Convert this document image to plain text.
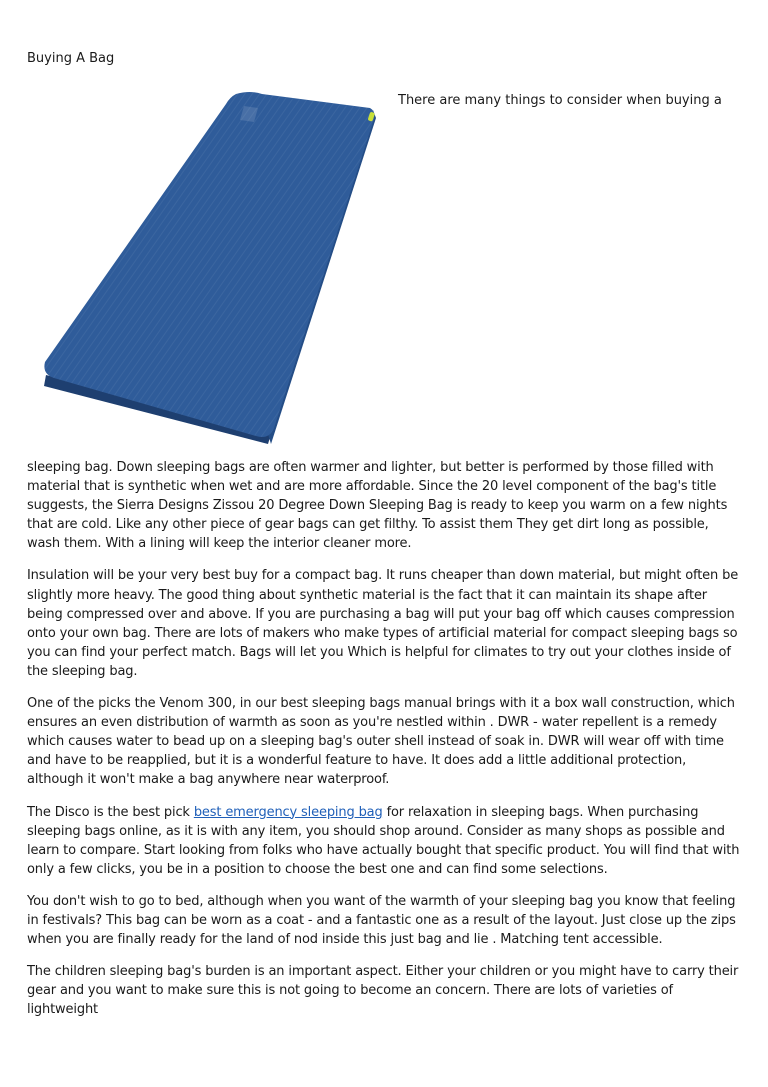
Buying A Bag
There are many things to consider when buying a

sleeping bag. Down sleeping bags are often warmer and lighter, but better is performed by those filled with material that is synthetic when wet and are more affordable. Since the 20 level component of the bag's title suggests, the Sierra Designs Zissou 20 Degree Down Sleeping Bag is ready to keep you warm on a few nights that are cold. Like any other piece of gear bags can get filthy. To assist them They get dirt long as possible, wash them. With a lining will keep the interior cleaner more.

Insulation will be your very best buy for a compact bag. It runs cheaper than down material, but might often be slightly more heavy. The good thing about synthetic material is the fact that it can maintain its shape after being compressed over and above. If you are purchasing a bag will put your bag off which causes compression onto your own bag. There are lots of makers who make types of artificial material for compact sleeping bags so you can find your perfect match. Bags will let you Which is helpful for climates to try out your clothes inside of the sleeping bag.

One of the picks the Venom 300, in our best sleeping bags manual brings with it a box wall construction, which ensures an even distribution of warmth as soon as you're nestled within . DWR - water repellent is a remedy which causes water to bead up on a sleeping bag's outer shell instead of soak in. DWR will wear off with time and have to be reapplied, but it is a wonderful feature to have. It does add a little additional protection, although it won't make a bag anywhere near waterproof.

The Disco is the best pick best emergency sleeping bag for relaxation in sleeping bags. When purchasing sleeping bags online, as it is with any item, you should shop around. Consider as many shops as possible and learn to compare. Start looking from folks who have actually bought that specific product. You will find that with only a few clicks, you be in a position to choose the best one and can find some selections.

You don't wish to go to bed, although when you want of the warmth of your sleeping bag you know that feeling in festivals? This bag can be worn as a coat - and a fantastic one as a result of the layout. Just close up the zips when you are finally ready for the land of nod inside this just bag and lie . Matching tent accessible.

The children sleeping bag's burden is an important aspect. Either your children or you might have to carry their gear and you want to make sure this is not going to become an concern. There are lots of varieties of lightweight
